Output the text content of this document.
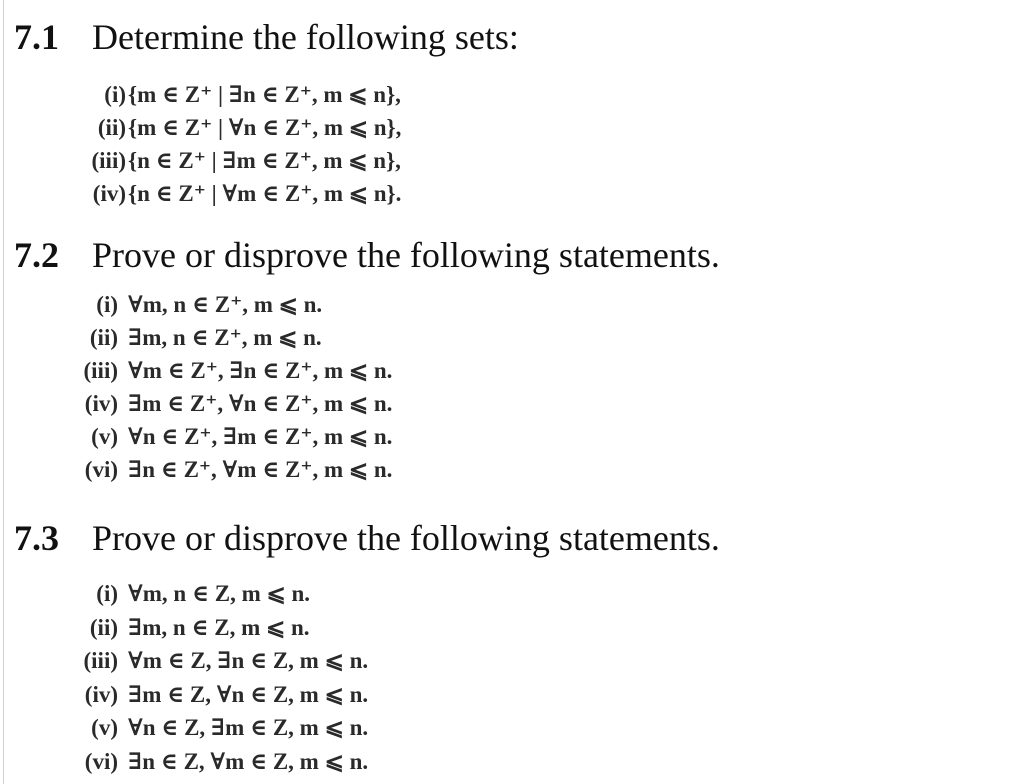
7.1 Determine the following sets:
(i) {m ∈ Z⁺ | ∃n ∈ Z⁺, m ⩽ n},
(ii) {m ∈ Z⁺ | ∀n ∈ Z⁺, m ⩽ n},
(iii) {n ∈ Z⁺ | ∃m ∈ Z⁺, m ⩽ n},
(iv) {n ∈ Z⁺ | ∀m ∈ Z⁺, m ⩽ n}.
7.2 Prove or disprove the following statements.
(i) ∀m, n ∈ Z⁺, m ⩽ n.
(ii) ∃m, n ∈ Z⁺, m ⩽ n.
(iii) ∀m ∈ Z⁺, ∃n ∈ Z⁺, m ⩽ n.
(iv) ∃m ∈ Z⁺, ∀n ∈ Z⁺, m ⩽ n.
(v) ∀n ∈ Z⁺, ∃m ∈ Z⁺, m ⩽ n.
(vi) ∃n ∈ Z⁺, ∀m ∈ Z⁺, m ⩽ n.
7.3 Prove or disprove the following statements.
(i) ∀m, n ∈ Z, m ⩽ n.
(ii) ∃m, n ∈ Z, m ⩽ n.
(iii) ∀m ∈ Z, ∃n ∈ Z, m ⩽ n.
(iv) ∃m ∈ Z, ∀n ∈ Z, m ⩽ n.
(v) ∀n ∈ Z, ∃m ∈ Z, m ⩽ n.
(vi) ∃n ∈ Z, ∀m ∈ Z, m ⩽ n.
